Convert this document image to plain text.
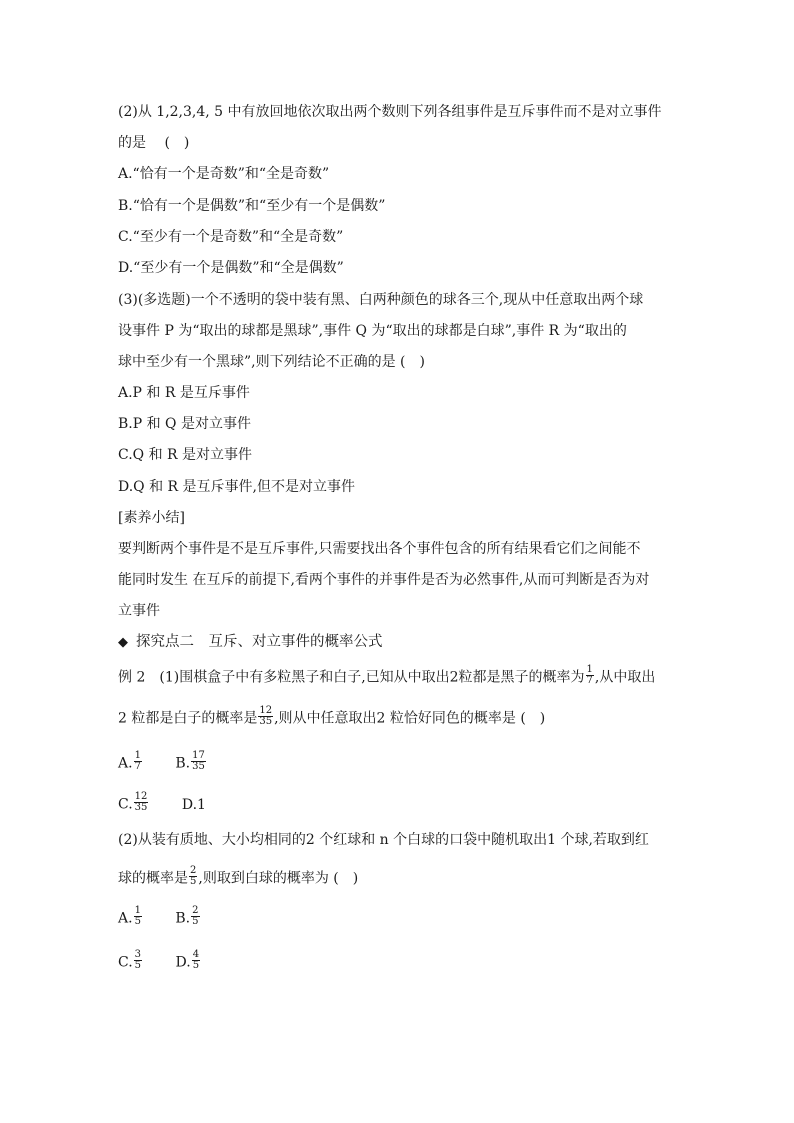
(2)从 1,2,3,4, 5 中有放回地依次取出两个数则下列各组事件是互斥事件而不是对立事件
的是　 (　)
A.“恰有一个是奇数”和“全是奇数”
B.“恰有一个是偶数”和“至少有一个是偶数”
C.“至少有一个是奇数”和“全是奇数”
D.“至少有一个是偶数”和“全是偶数”
(3)(多选题)一个不透明的袋中装有黑、白两种颜色的球各三个,现从中任意取出两个球
设事件 P 为“取出的球都是黑球”,事件 Q 为“取出的球都是白球”,事件 R 为“取出的
球中至少有一个黑球”,则下列结论不正确的是 (　)
A.P 和 R 是互斥事件
B.P 和 Q 是对立事件
C.Q 和 R 是对立事件
D.Q 和 R 是互斥事件,但不是对立事件
[素养小结]
要判断两个事件是不是互斥事件,只需要找出各个事件包含的所有结果看它们之间能不
能同时发生 在互斥的前提下,看两个事件的并事件是否为必然事件,从而可判断是否为对
立事件
◆ 探究点二　互斥、对立事件的概率公式
例 2　(1)围棋盒子中有多粒黑子和白子,已知从中取出2粒都是黑子的概率为 $\frac{1}{7}$ ,从中取出
2 粒都是白子的概率是 $\frac{12}{35}$ ,则从中任意取出2 粒恰好同色的概率是 (　)
A. $\frac{1}{7} B$. $\frac{17}{35}$
C. $\frac{12}{35} D.1$
(2)从装有质地、大小均相同的2 个红球和 n 个白球的口袋中随机取出1 个球,若取到红
球的概率是 $\frac{2}{5}$ ,则取到白球的概率为 (　)
A. $\frac{1}{5} B$. $\frac{2}{5}$
C. $\frac{3}{5} D$. $\frac{4}{5}$
